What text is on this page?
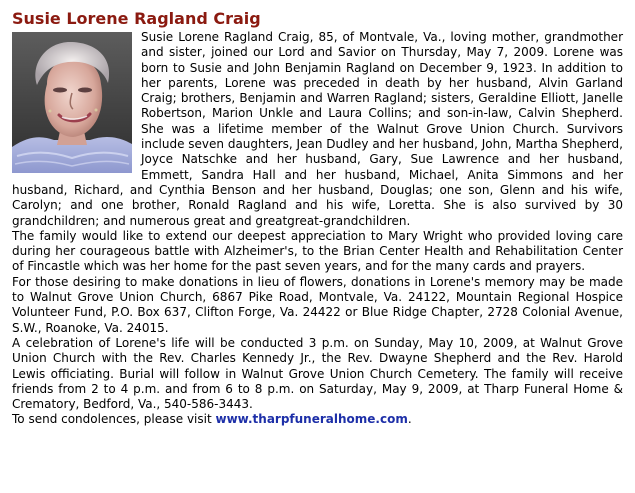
Susie Lorene Ragland Craig

Susie Lorene Ragland Craig, 85, of Montvale, Va., loving mother, grandmother and sister, joined our Lord and Savior on Thursday, May 7, 2009. Lorene was born to Susie and John Benjamin Ragland on December 9, 1923. In addition to her parents, Lorene was preceded in death by her husband, Alvin Garland Craig; brothers, Benjamin and Warren Ragland; sisters, Geraldine Elliott, Janelle Robertson, Marion Unkle and Laura Collins; and son-in-law, Calvin Shepherd. She was a lifetime member of the Walnut Grove Union Church. Survivors include seven daughters, Jean Dudley and her husband, John, Martha Shepherd, Joyce Natschke and her husband, Gary, Sue Lawrence and her husband, Emmett, Sandra Hall and her husband, Michael, Anita Simmons and her husband, Richard, and Cynthia Benson and her husband, Douglas; one son, Glenn and his wife, Carolyn; and one brother, Ronald Ragland and his wife, Loretta. She is also survived by 30 grandchildren; and numerous great and greatgreat-grandchildren.

The family would like to extend our deepest appreciation to Mary Wright who provided loving care during her courageous battle with Alzheimer's, to the Brian Center Health and Rehabilitation Center of Fincastle which was her home for the past seven years, and for the many cards and prayers.

For those desiring to make donations in lieu of flowers, donations in Lorene's memory may be made to Walnut Grove Union Church, 6867 Pike Road, Montvale, Va. 24122, Mountain Regional Hospice Volunteer Fund, P.O. Box 637, Clifton Forge, Va. 24422 or Blue Ridge Chapter, 2728 Colonial Avenue, S.W., Roanoke, Va. 24015.

A celebration of Lorene's life will be conducted 3 p.m. on Sunday, May 10, 2009, at Walnut Grove Union Church with the Rev. Charles Kennedy Jr., the Rev. Dwayne Shepherd and the Rev. Harold Lewis officiating. Burial will follow in Walnut Grove Union Church Cemetery. The family will receive friends from 2 to 4 p.m. and from 6 to 8 p.m. on Saturday, May 9, 2009, at Tharp Funeral Home & Crematory, Bedford, Va., 540-586-3443.

To send condolences, please visit www.tharpfuneralhome.com.
